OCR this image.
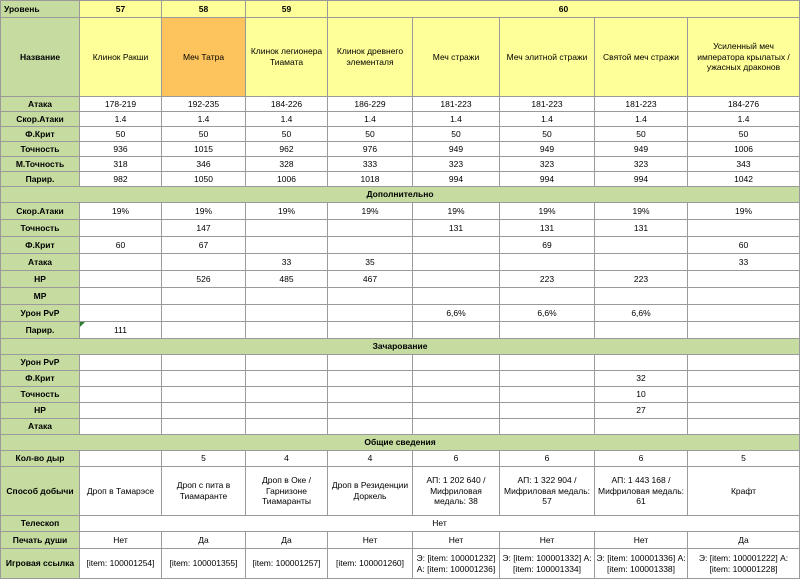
Уровень	57	58	59	60				
Название	Клинок Ракши	Меч Татра	Клинок легионера Тиамата	Клинок древнего элементаля	Меч стражи	Меч элитной стражи	Святой меч стражи	Усиленный меч императора крылатых / ужасных драконов
Атака	178-219	192-235	184-226	186-229	181-223	181-223	181-223	184-276
Скор.Атаки	1.4	1.4	1.4	1.4	1.4	1.4	1.4	1.4
Ф.Крит	50	50	50	50	50	50	50	50
Точность	936	1015	962	976	949	949	949	1006
М.Точность	318	346	328	333	323	323	323	343
Парир.	982	1050	1006	1018	994	994	994	1042
Дополнительно								
Скор.Атаки	19%	19%	19%	19%	19%	19%	19%	19%
Точность		147			131	131	131	
Ф.Крит	60	67				69		60
Атака			33	35				33
HP		526	485	467		223	223	
MP								
Урон PvP					6,6%	6,6%	6,6%	
Парир.	111							
Зачарование								
Урон PvP								
Ф.Крит							32	
Точность							10	
HP							27	
Атака								
Общие сведения								
Кол-во дыр		5	4	4	6	6	6	5
Способ добычи	Дроп в Тамарэсе	Дроп с пита в Тиамаранте	Дроп в Оке / Гарнизоне Тиамаранты	Дроп в Резиденции Доркель	АП: 1 202 640 / Мифриловая медаль: 38	АП: 1 322 904 / Мифриловая медаль: 57	АП: 1 443 168 / Мифриловая медаль: 61	Крафт
Телескоп	Нет							
Печать души	Нет	Да	Да	Нет	Нет	Нет	Нет	Да
Игровая ссылка	[item: 100001254]	[item: 100001355]	[item: 100001257]	[item: 100001260]	Э: [item: 100001232] А: [item: 100001236]	Э: [item: 100001332] А: [item: 100001334]	Э: [item: 100001336] А: [item: 100001338]	Э: [item: 100001222] А: [item: 100001228]
